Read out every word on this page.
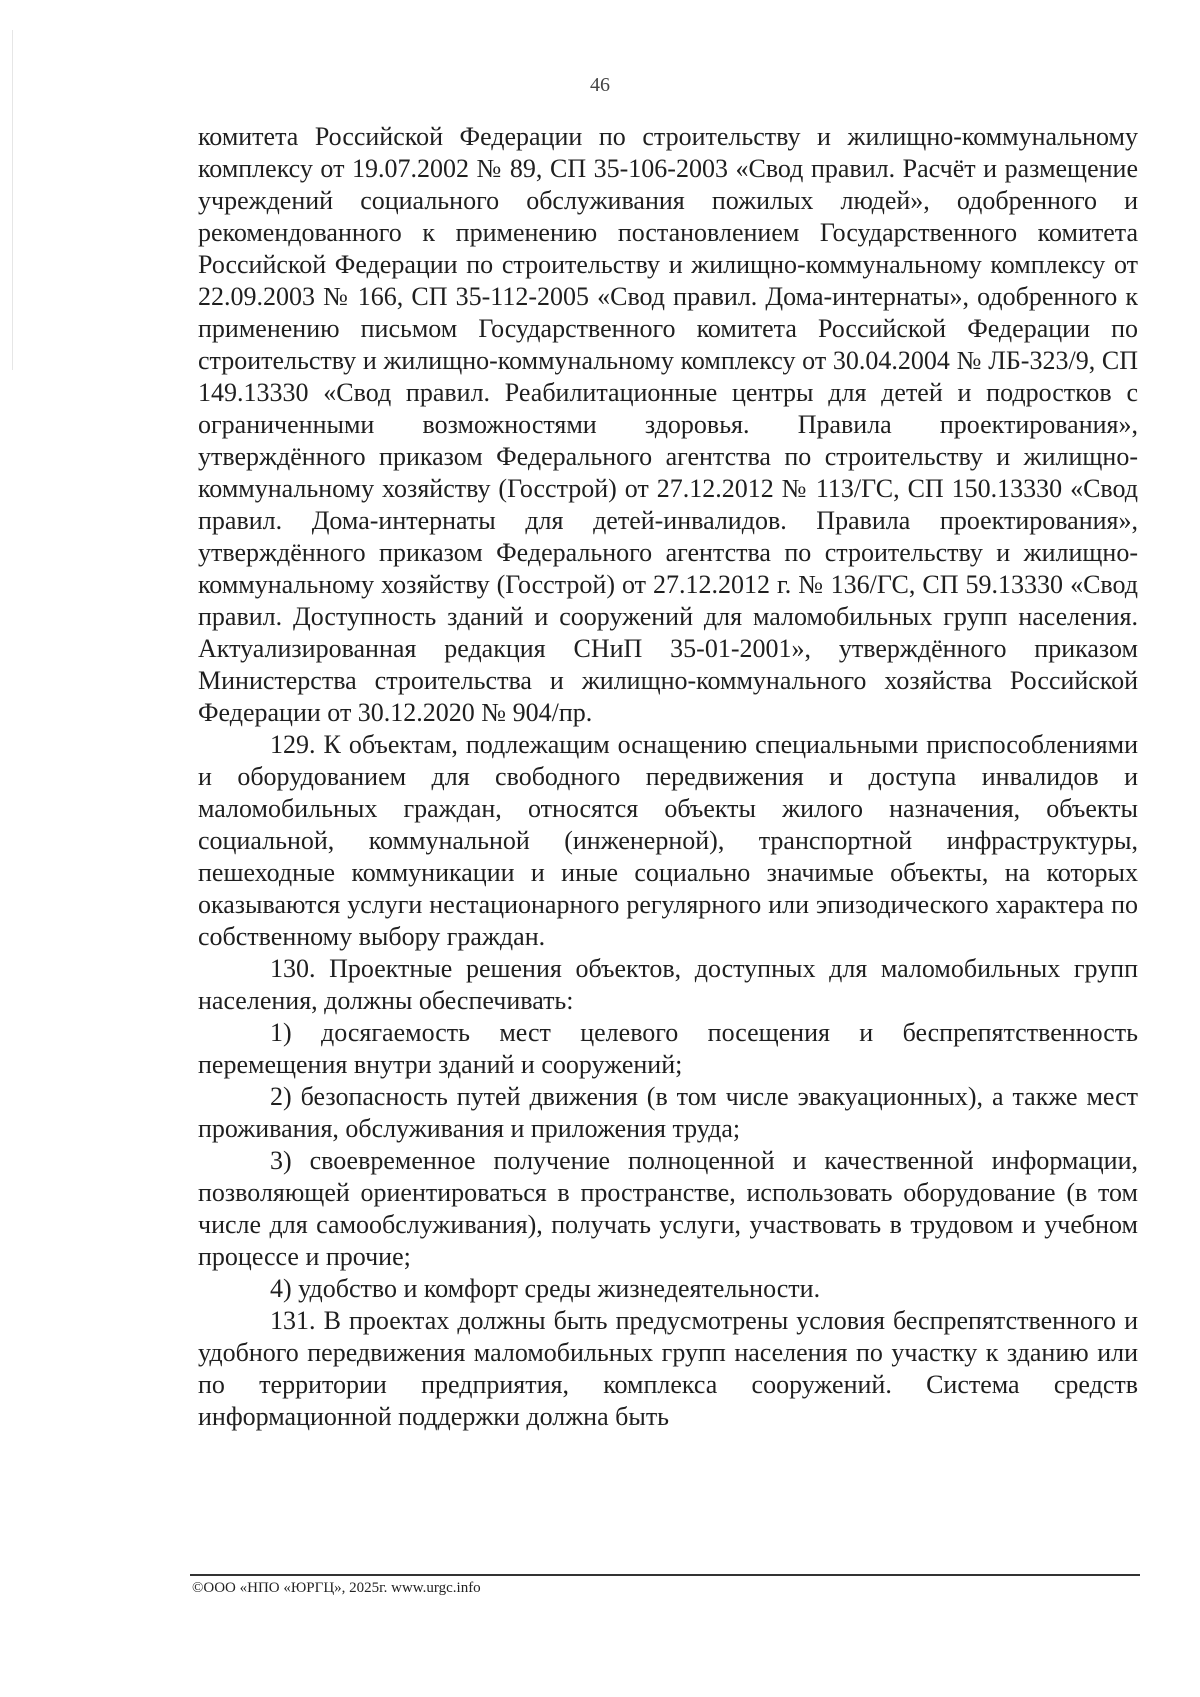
46

комитета Российской Федерации по строительству и жилищно-коммунальному комплексу от 19.07.2002 № 89, СП 35-106-2003 «Свод правил. Расчёт и размещение учреждений социального обслуживания пожилых людей», одобренного и рекомендованного к применению постановлением Государственного комитета Российской Федерации по строительству и жилищно-коммунальному комплексу от 22.09.2003 № 166, СП 35-112-2005 «Свод правил. Дома-интернаты», одобренного к применению письмом Государственного комитета Российской Федерации по строительству и жилищно-коммунальному комплексу от 30.04.2004 № ЛБ-323/9, СП 149.13330 «Свод правил. Реабилитационные центры для детей и подростков с ограниченными возможностями здоровья. Правила проектирования», утверждённого приказом Федерального агентства по строительству и жилищно-коммунальному хозяйству (Госстрой) от 27.12.2012 № 113/ГС, СП 150.13330 «Свод правил. Дома-интернаты для детей-инвалидов. Правила проектирования», утверждённого приказом Федерального агентства по строительству и жилищно-коммунальному хозяйству (Госстрой) от 27.12.2012 г. № 136/ГС, СП 59.13330 «Свод правил. Доступность зданий и сооружений для маломобильных групп населения. Актуализированная редакция СНиП 35-01-2001», утверждённого приказом Министерства строительства и жилищно-коммунального хозяйства Российской Федерации от 30.12.2020 № 904/пр.

129. К объектам, подлежащим оснащению специальными приспособлениями и оборудованием для свободного передвижения и доступа инвалидов и маломобильных граждан, относятся объекты жилого назначения, объекты социальной, коммунальной (инженерной), транспортной инфраструктуры, пешеходные коммуникации и иные социально значимые объекты, на которых оказываются услуги нестационарного регулярного или эпизодического характера по собственному выбору граждан.

130. Проектные решения объектов, доступных для маломобильных групп населения, должны обеспечивать:

1) досягаемость мест целевого посещения и беспрепятственность перемещения внутри зданий и сооружений;

2) безопасность путей движения (в том числе эвакуационных), а также мест проживания, обслуживания и приложения труда;

3) своевременное получение полноценной и качественной информации, позволяющей ориентироваться в пространстве, использовать оборудование (в том числе для самообслуживания), получать услуги, участвовать в трудовом и учебном процессе и прочие;

4) удобство и комфорт среды жизнедеятельности.

131. В проектах должны быть предусмотрены условия беспрепятственного и удобного передвижения маломобильных групп населения по участку к зданию или по территории предприятия, комплекса сооружений. Система средств информационной поддержки должна быть

©ООО «НПО «ЮРГЦ», 2025г. www.urgc.info
